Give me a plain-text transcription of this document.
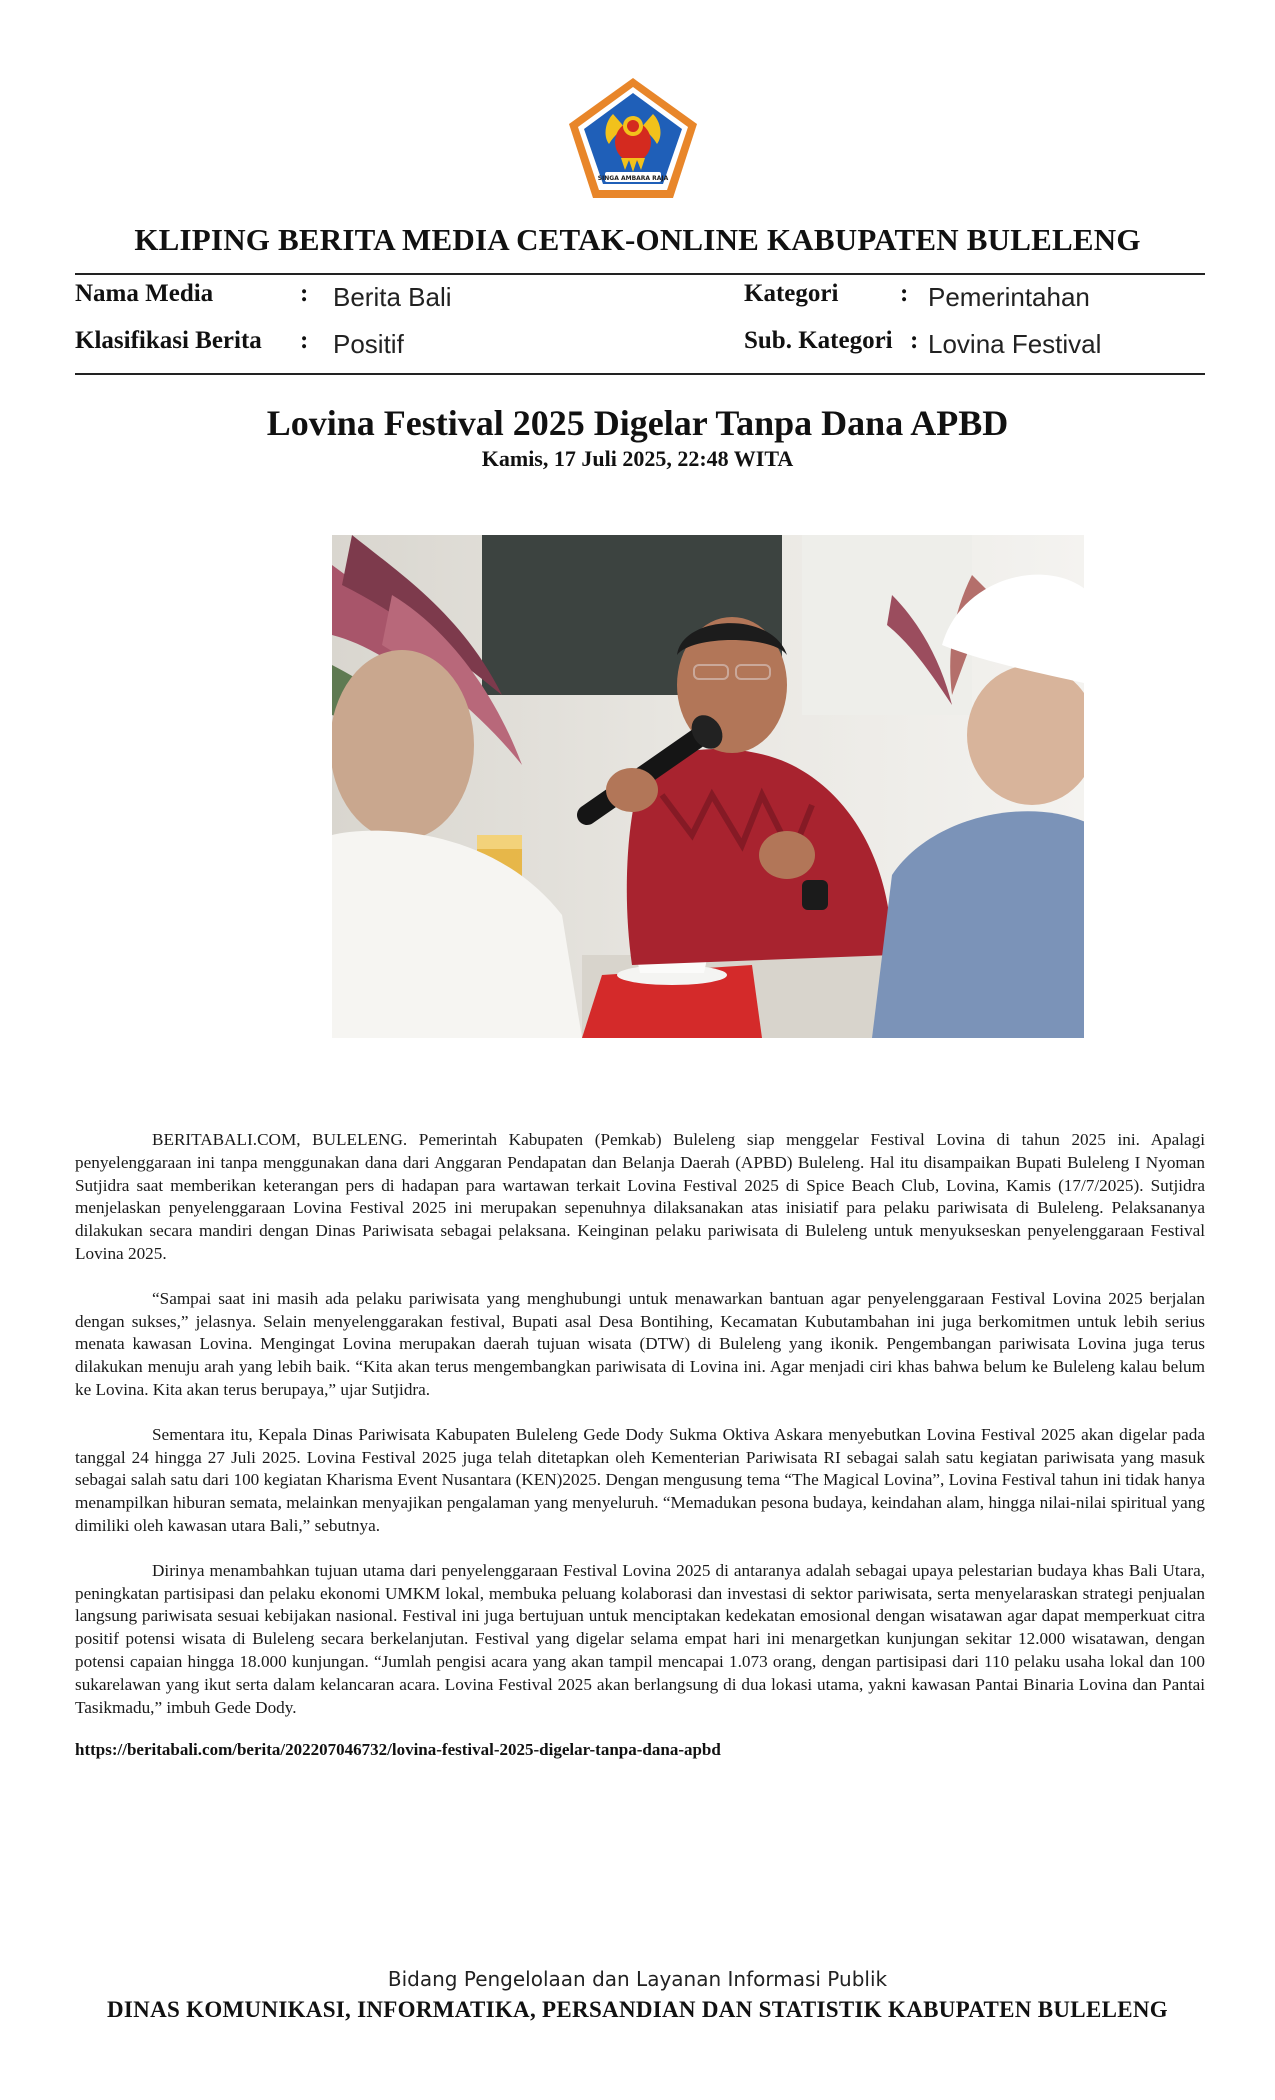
SINGA AMBARA RAJA
KLIPING BERITA MEDIA CETAK-ONLINE KABUPATEN BULELENG
Nama Media	: Berita Bali	Kategori : Pemerintahan
Klasifikasi Berita : Positif	Sub. Kategori : Lovina Festival
Lovina Festival 2025 Digelar Tanpa Dana APBD
Kamis, 17 Juli 2025, 22:48 WITA

BERITABALI.COM, BULELENG. Pemerintah Kabupaten (Pemkab) Buleleng siap menggelar Festival Lovina di tahun 2025 ini. Apalagi penyelenggaraan ini tanpa menggunakan dana dari Anggaran Pendapatan dan Belanja Daerah (APBD) Buleleng. Hal itu disampaikan Bupati Buleleng I Nyoman Sutjidra saat memberikan keterangan pers di hadapan para wartawan terkait Lovina Festival 2025 di Spice Beach Club, Lovina, Kamis (17/7/2025). Sutjidra menjelaskan penyelenggaraan Lovina Festival 2025 ini merupakan sepenuhnya dilaksanakan atas inisiatif para pelaku pariwisata di Buleleng. Pelaksananya dilakukan secara mandiri dengan Dinas Pariwisata sebagai pelaksana. Keinginan pelaku pariwisata di Buleleng untuk menyukseskan penyelenggaraan Festival Lovina 2025.

“Sampai saat ini masih ada pelaku pariwisata yang menghubungi untuk menawarkan bantuan agar penyelenggaraan Festival Lovina 2025 berjalan dengan sukses,” jelasnya. Selain menyelenggarakan festival, Bupati asal Desa Bontihing, Kecamatan Kubutambahan ini juga berkomitmen untuk lebih serius menata kawasan Lovina. Mengingat Lovina merupakan daerah tujuan wisata (DTW) di Buleleng yang ikonik. Pengembangan pariwisata Lovina juga terus dilakukan menuju arah yang lebih baik. “Kita akan terus mengembangkan pariwisata di Lovina ini. Agar menjadi ciri khas bahwa belum ke Buleleng kalau belum ke Lovina. Kita akan terus berupaya,” ujar Sutjidra.

Sementara itu, Kepala Dinas Pariwisata Kabupaten Buleleng Gede Dody Sukma Oktiva Askara menyebutkan Lovina Festival 2025 akan digelar pada tanggal 24 hingga 27 Juli 2025. Lovina Festival 2025 juga telah ditetapkan oleh Kementerian Pariwisata RI sebagai salah satu kegiatan pariwisata yang masuk sebagai salah satu dari 100 kegiatan Kharisma Event Nusantara (KEN)2025. Dengan mengusung tema “The Magical Lovina”, Lovina Festival tahun ini tidak hanya menampilkan hiburan semata, melainkan menyajikan pengalaman yang menyeluruh. “Memadukan pesona budaya, keindahan alam, hingga nilai-nilai spiritual yang dimiliki oleh kawasan utara Bali,” sebutnya.

Dirinya menambahkan tujuan utama dari penyelenggaraan Festival Lovina 2025 di antaranya adalah sebagai upaya pelestarian budaya khas Bali Utara, peningkatan partisipasi dan pelaku ekonomi UMKM lokal, membuka peluang kolaborasi dan investasi di sektor pariwisata, serta menyelaraskan strategi penjualan langsung pariwisata sesuai kebijakan nasional. Festival ini juga bertujuan untuk menciptakan kedekatan emosional dengan wisatawan agar dapat memperkuat citra positif potensi wisata di Buleleng secara berkelanjutan. Festival yang digelar selama empat hari ini menargetkan kunjungan sekitar 12.000 wisatawan, dengan potensi capaian hingga 18.000 kunjungan. “Jumlah pengisi acara yang akan tampil mencapai 1.073 orang, dengan partisipasi dari 110 pelaku usaha lokal dan 100 sukarelawan yang ikut serta dalam kelancaran acara. Lovina Festival 2025 akan berlangsung di dua lokasi utama, yakni kawasan Pantai Binaria Lovina dan Pantai Tasikmadu,” imbuh Gede Dody.

https://beritabali.com/berita/202207046732/lovina-festival-2025-digelar-tanpa-dana-apbd
Bidang Pengelolaan dan Layanan Informasi Publik
DINAS KOMUNIKASI, INFORMATIKA, PERSANDIAN DAN STATISTIK KABUPATEN BULELENG
